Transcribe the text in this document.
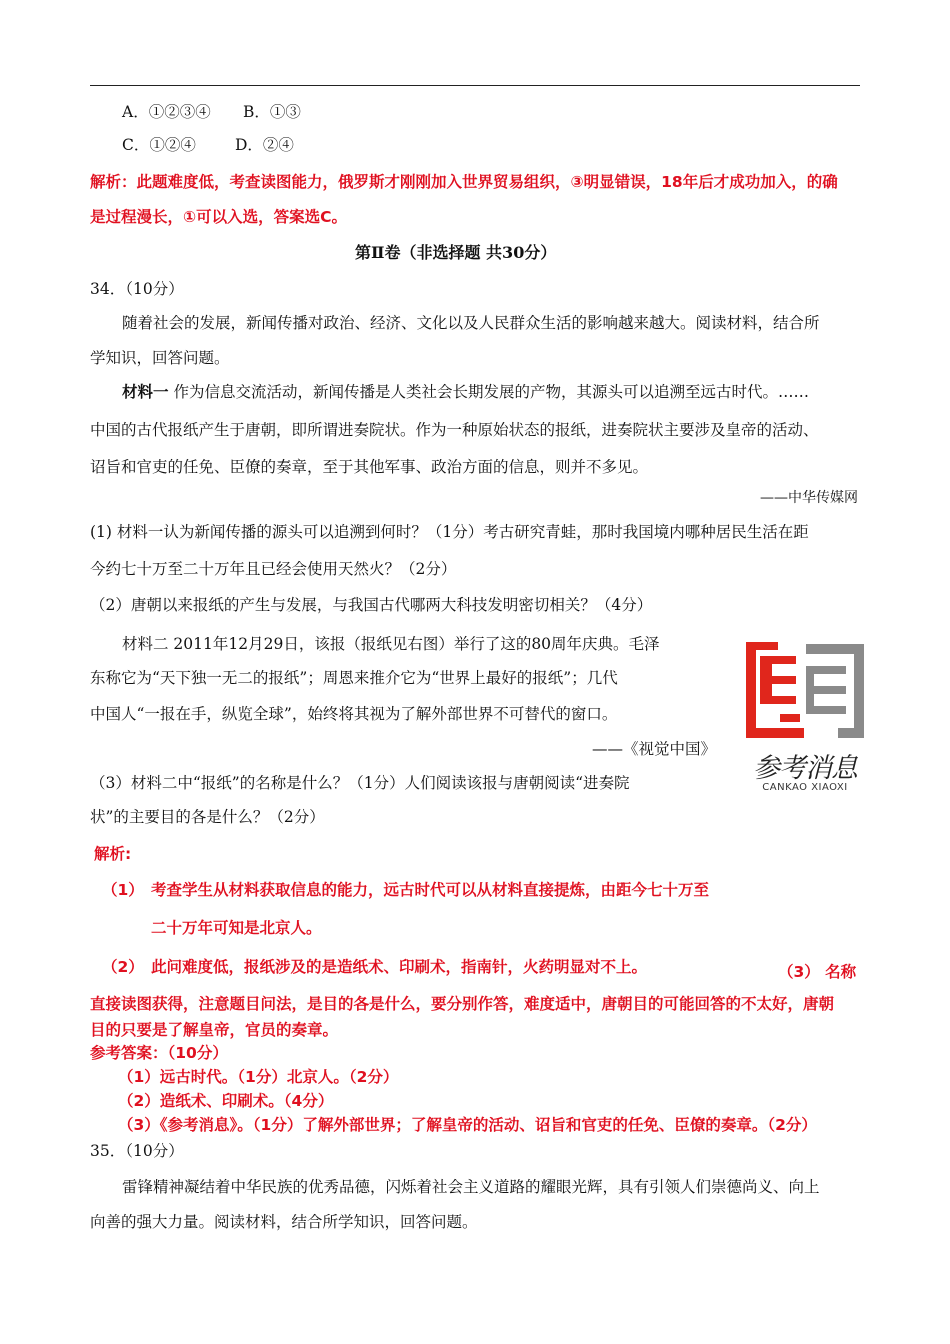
A．①②③④ B．①③
C．①②④	D．②④
解析：此题难度低，考查读图能力，俄罗斯才刚刚加入世界贸易组织，③明显错误，18年后才成功加入，的确
是过程漫长，①可以入选，答案选C。
第Ⅱ卷（非选择题 共30分）
34．（10分）
随着社会的发展，新闻传播对政治、经济、文化以及人民群众生活的影响越来越大。阅读材料，结合所
学知识，回答问题。
材料一 作为信息交流活动，新闻传播是人类社会长期发展的产物，其源头可以追溯至远古时代。……
中国的古代报纸产生于唐朝，即所谓进奏院状。作为一种原始状态的报纸，进奏院状主要涉及皇帝的活动、
诏旨和官吏的任免、臣僚的奏章，至于其他军事、政治方面的信息，则并不多见。
——中华传媒网
(1) 材料一认为新闻传播的源头可以追溯到何时？（1分）考古研究青蛙，那时我国境内哪种居民生活在距
今约七十万至二十万年且已经会使用天然火？（2分）
（2）唐朝以来报纸的产生与发展，与我国古代哪两大科技发明密切相关？（4分）
材料二 2011年12月29日，该报（报纸见右图）举行了这的80周年庆典。毛泽
东称它为“天下独一无二的报纸”；周恩来推介它为“世界上最好的报纸”；几代
中国人“一报在手，纵览全球”，始终将其视为了解外部世界不可替代的窗口。
——《视觉中国》
（3）材料二中“报纸”的名称是什么？（1分）人们阅读该报与唐朝阅读“进奏院
状”的主要目的各是什么？（2分）
参考消息
CANKAO XIAOXI
解析:
（1） 考查学生从材料获取信息的能力，远古时代可以从材料直接提炼，由距今七十万至
二十万年可知是北京人。
（2） 此问难度低，报纸涉及的是造纸术、印刷术，指南针，火药明显对不上。	（3） 名称
直接读图获得，注意题目问法，是目的各是什么，要分别作答，难度适中，唐朝目的可能回答的不太好，唐朝
目的只要是了解皇帝，官员的奏章。
参考答案：（10分）
（1）远古时代。（1分）北京人。（2分）
（2）造纸术、印刷术。（4分）
（3）《参考消息》。（1分）了解外部世界；了解皇帝的活动、诏旨和官吏的任免、臣僚的奏章。（2分）
35．（10分）
雷锋精神凝结着中华民族的优秀品德，闪烁着社会主义道路的耀眼光辉，具有引领人们崇德尚义、向上
向善的强大力量。阅读材料，结合所学知识，回答问题。
